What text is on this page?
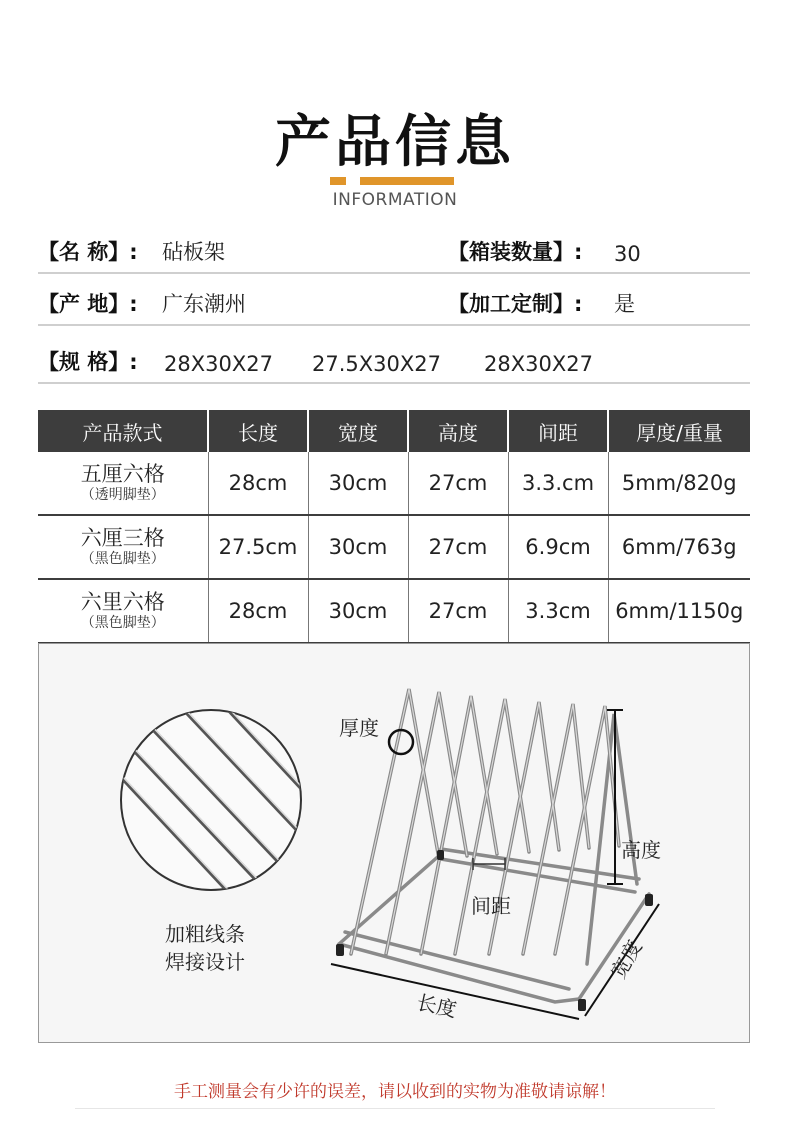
产品信息
INFORMATION
【名 称】: 砧板架	【箱装数量】: 30
【产 地】: 广东潮州	【加工定制】: 是
【规 格】: 28X30X27 27.5X30X27 28X30X27
产品款式	长度	宽度	高度	间距	厚度/重量

五厘六格
（透明脚垫）	28cm	30cm	27cm	3.3.cm	5mm/820g

六厘三格
（黑色脚垫）	27.5cm	30cm	27cm	6.9cm	6mm/763g

六里六格
（黑色脚垫）	28cm	30cm	27cm	3.3cm	6mm/1150g
厚度
高度
间距
长度
宽度
加粗线条
焊接设计
手工测量会有少许的误差，请以收到的实物为准敬请谅解！
